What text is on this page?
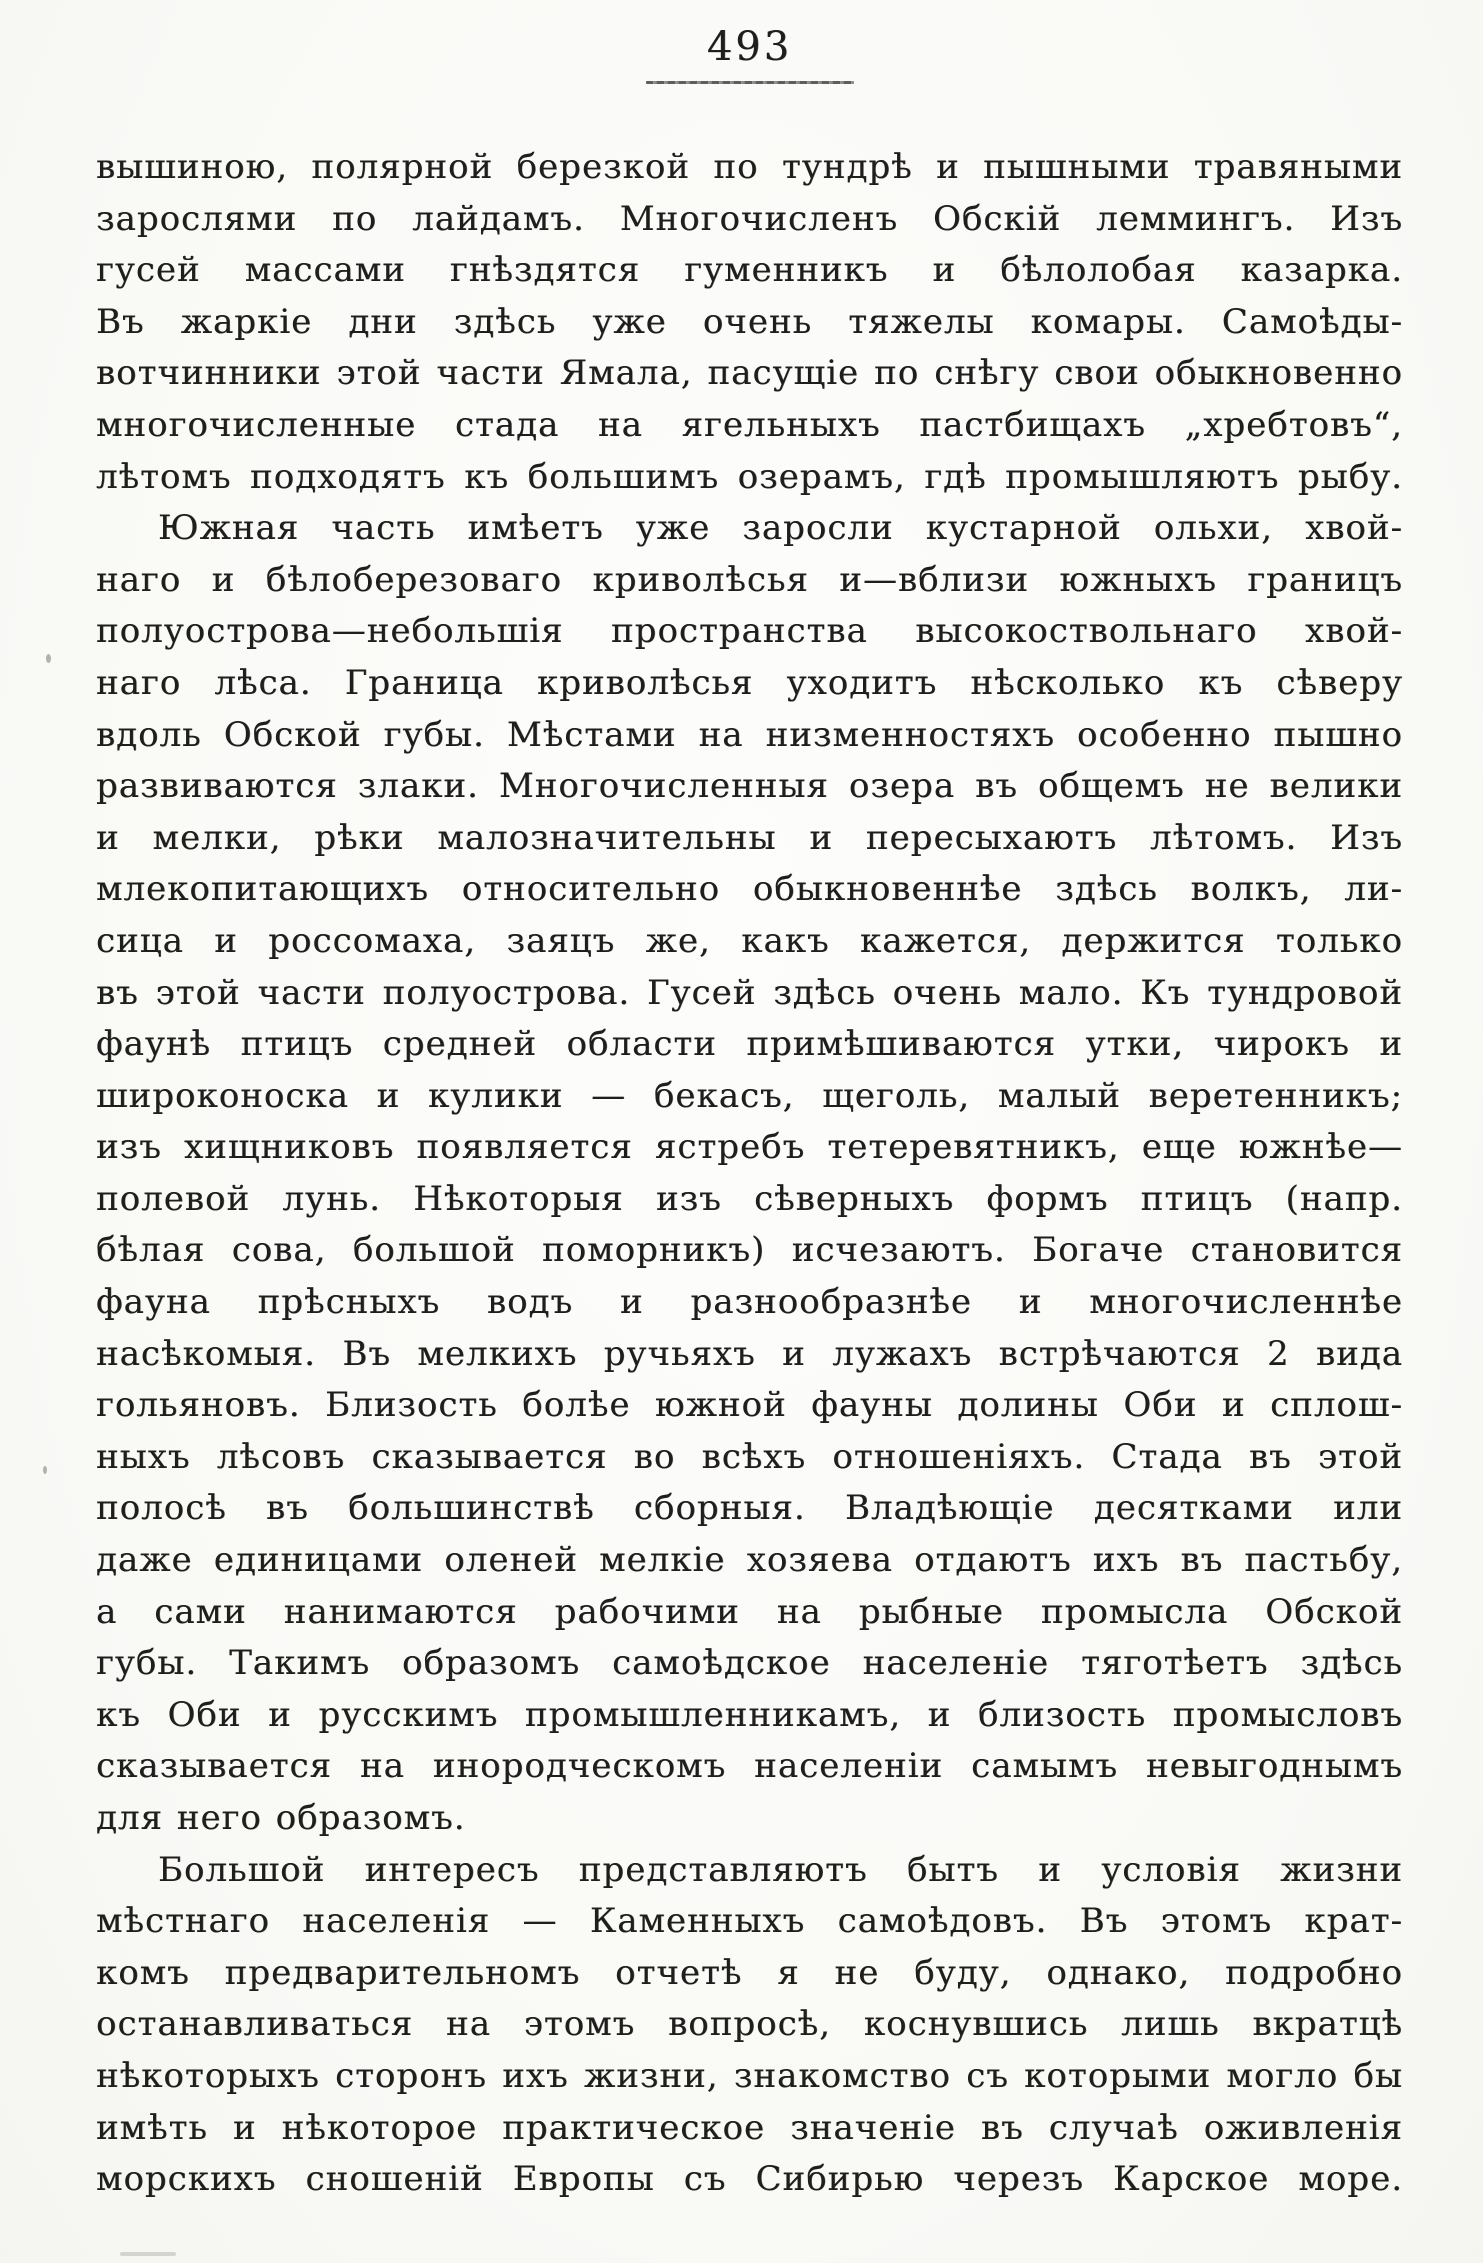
493
вышиною, полярной березкой по тундрѣ и пышными травяными
зарослями по лайдамъ. Многочисленъ Обскій леммингъ. Изъ
гусей массами гнѣздятся гуменникъ и бѣлолобая казарка.
Въ жаркіе дни здѣсь уже очень тяжелы комары. Самоѣды-
вотчинники этой части Ямала, пасущіе по снѣгу свои обыкновенно
многочисленные стада на ягельныхъ пастбищахъ „хребтовъ“,
лѣтомъ подходятъ къ большимъ озерамъ, гдѣ промышляютъ рыбу.
Южная часть имѣетъ уже заросли кустарной ольхи, хвой-
наго и бѣлоберезоваго криволѣсья и—вблизи южныхъ границъ
полуострова—небольшія пространства высокоствольнаго хвой-
наго лѣса. Граница криволѣсья уходитъ нѣсколько къ сѣверу
вдоль Обской губы. Мѣстами на низменностяхъ особенно пышно
развиваются злаки. Многочисленныя озера въ общемъ не велики
и мелки, рѣки малозначительны и пересыхаютъ лѣтомъ. Изъ
млекопитающихъ относительно обыкновеннѣе здѣсь волкъ, ли-
сица и россомаха, заяцъ же, какъ кажется, держится только
въ этой части полуострова. Гусей здѣсь очень мало. Къ тундровой
фаунѣ птицъ средней области примѣшиваются утки, чирокъ и
широконоска и кулики — бекасъ, щеголь, малый веретенникъ;
изъ хищниковъ появляется ястребъ тетеревятникъ, еще южнѣе—
полевой лунь. Нѣкоторыя изъ сѣверныхъ формъ птицъ (напр.
бѣлая сова, большой поморникъ) исчезаютъ. Богаче становится
фауна прѣсныхъ водъ и разнообразнѣе и многочисленнѣе
насѣкомыя. Въ мелкихъ ручьяхъ и лужахъ встрѣчаются 2 вида
гольяновъ. Близость болѣе южной фауны долины Оби и сплош-
ныхъ лѣсовъ сказывается во всѣхъ отношеніяхъ. Стада въ этой
полосѣ въ большинствѣ сборныя. Владѣющіе десятками или
даже единицами оленей мелкіе хозяева отдаютъ ихъ въ пастьбу,
а сами нанимаются рабочими на рыбные промысла Обской
губы. Такимъ образомъ самоѣдское населеніе тяготѣетъ здѣсь
къ Оби и русскимъ промышленникамъ, и близость промысловъ
сказывается на инородческомъ населеніи самымъ невыгоднымъ
для него образомъ.
Большой интересъ представляютъ бытъ и условія жизни
мѣстнаго населенія — Каменныхъ самоѣдовъ. Въ этомъ крат-
комъ предварительномъ отчетѣ я не буду, однако, подробно
останавливаться на этомъ вопросѣ, коснувшись лишь вкратцѣ
нѣкоторыхъ сторонъ ихъ жизни, знакомство съ которыми могло бы
имѣть и нѣкоторое практическое значеніе въ случаѣ оживленія
морскихъ сношеній Европы съ Сибирью черезъ Карское море.
